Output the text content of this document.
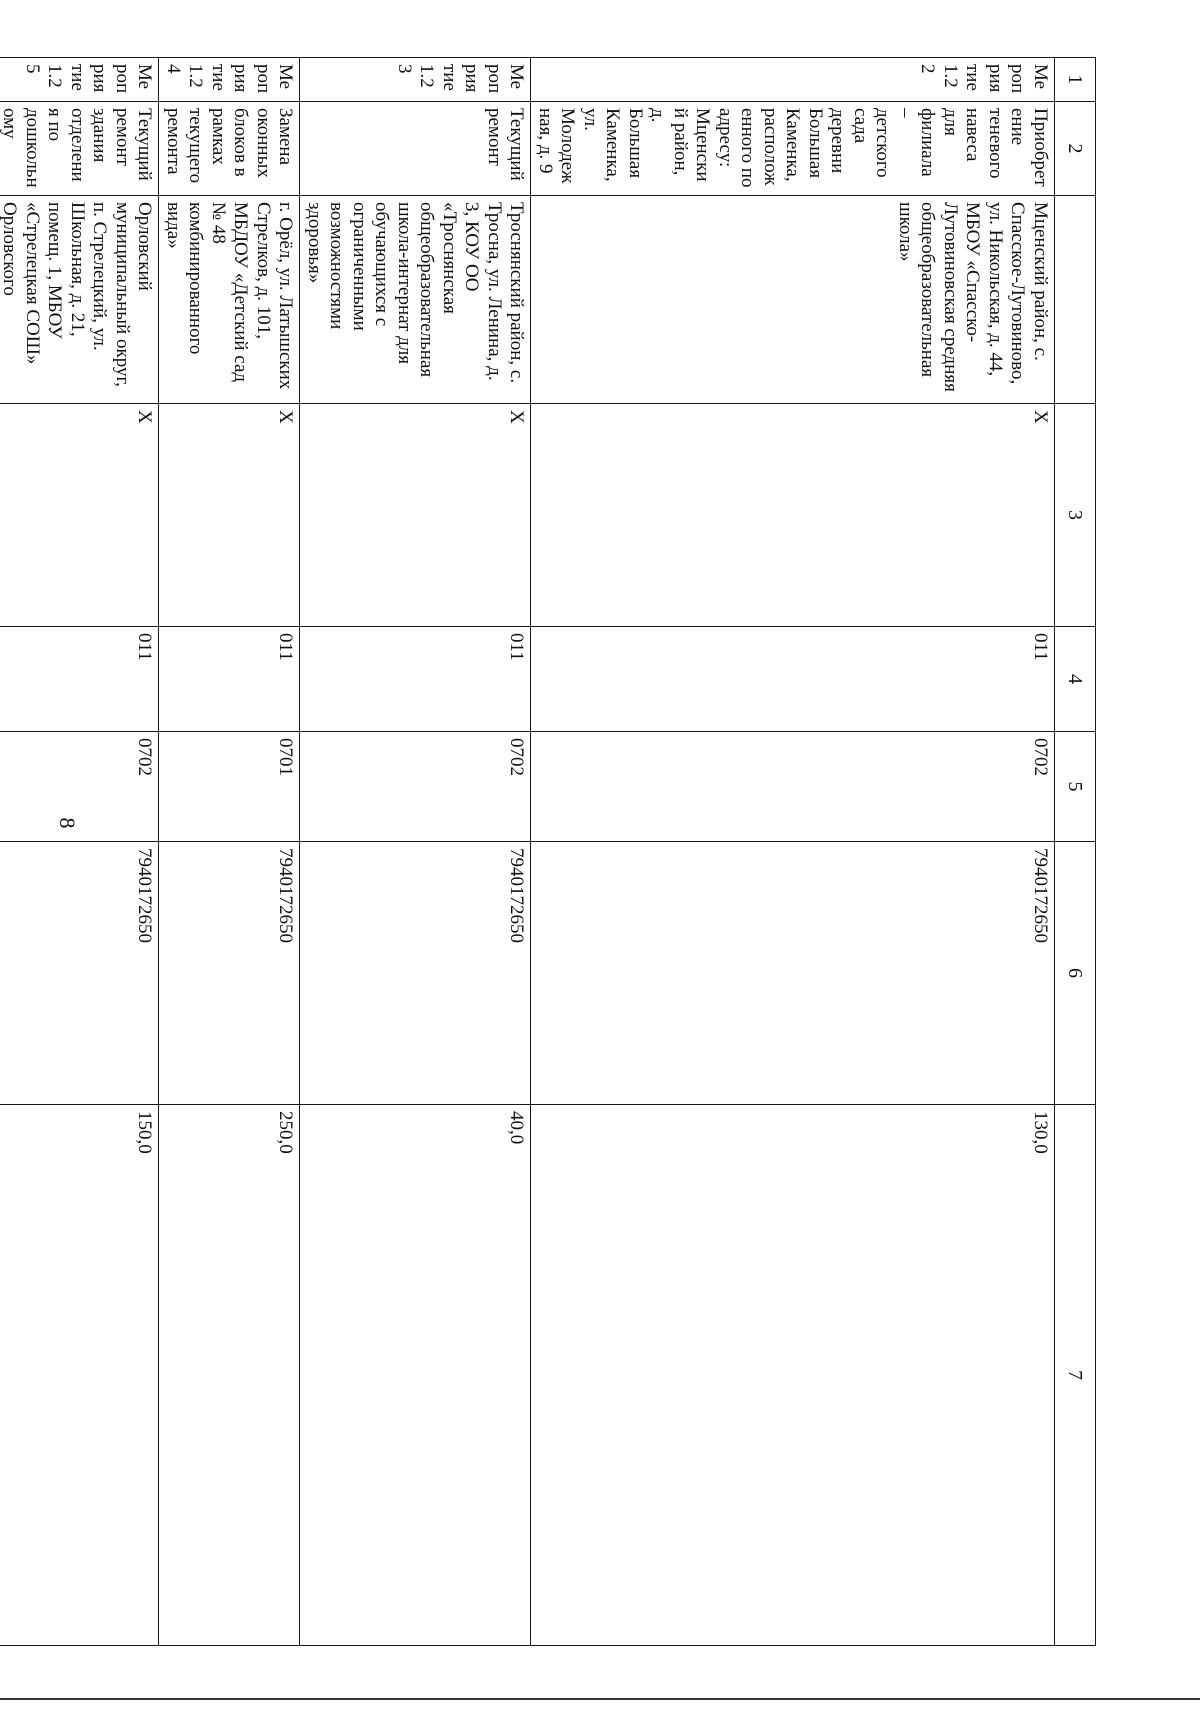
8
1	2		3	4	5	6	7
Мероприятие 1.22	Приобретение теневого навеса для филиала – детского сада деревни Большая Каменка, расположенного по адресу: Мценский район, д. Большая Каменка, ул. Молодежная, д. 9	Мценский район, с. Спасское-Лутовиново, ул. Никольская, д. 44, МБОУ «Спасско-Лутовиновская средняя общеобразовательная школа»	Х	011	0702	7940172650	130,0
Мероприятие 1.23	Текущий ремонт	Троснянский район, с. Тросна, ул. Ленина, д. 3, КОУ ОО «Троснянская общеобразовательная школа-интернат для обучающихся с ограниченными возможностями здоровья»	Х	011	0702	7940172650	40,0
Мероприятие 1.24	Замена оконных блоков в рамках текущего ремонта	г. Орёл, ул. Латышских Стрелков, д. 101, МБДОУ «Детский сад № 48 комбинированного вида»	Х	011	0701	7940172650	250,0
Мероприятие 1.25	Текущий ремонт здания отделения по дошкольному	Орловский муниципальный округ, п. Стрелецкий, ул. Школьная, д. 21, помещ. 1, МБОУ «Стрелецкая СОШ» Орловского	Х	011	0702	7940172650	150,0
